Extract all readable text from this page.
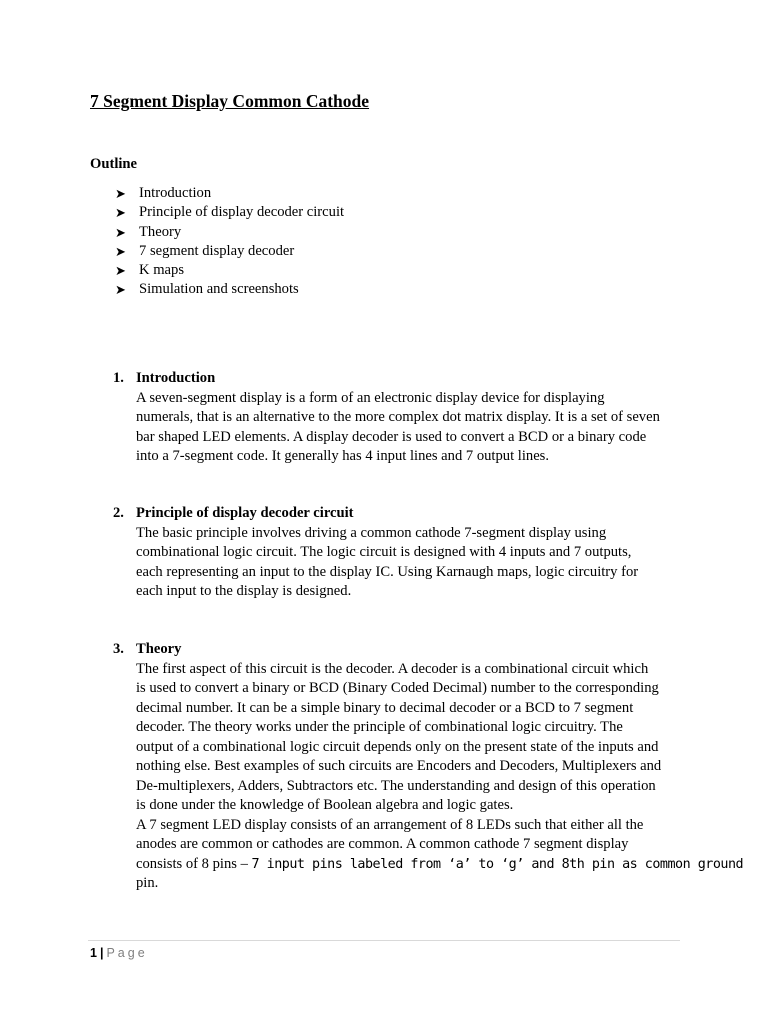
7 Segment Display Common Cathode
Outline
➤ Introduction
➤ Principle of display decoder circuit
➤ Theory
➤ 7 segment display decoder
➤ K maps
➤ Simulation and screenshots
1. Introduction

A seven-segment display is a form of an electronic display device for displaying

numerals, that is an alternative to the more complex dot matrix display. It is a set of seven

bar shaped LED elements. A display decoder is used to convert a BCD or a binary code

into a 7-segment code. It generally has 4 input lines and 7 output lines.

2. Principle of display decoder circuit

The basic principle involves driving a common cathode 7-segment display using

combinational logic circuit. The logic circuit is designed with 4 inputs and 7 outputs,

each representing an input to the display IC. Using Karnaugh maps, logic circuitry for

each input to the display is designed.

3. Theory

The first aspect of this circuit is the decoder. A decoder is a combinational circuit which

is used to convert a binary or BCD (Binary Coded Decimal) number to the corresponding

decimal number. It can be a simple binary to decimal decoder or a BCD to 7 segment

decoder. The theory works under the principle of combinational logic circuitry. The

output of a combinational logic circuit depends only on the present state of the inputs and

nothing else. Best examples of such circuits are Encoders and Decoders, Multiplexers and

De-multiplexers, Adders, Subtractors etc. The understanding and design of this operation

is done under the knowledge of Boolean algebra and logic gates.

A 7 segment LED display consists of an arrangement of 8 LEDs such that either all the

anodes are common or cathodes are common. A common cathode 7 segment display

consists of 8 pins – 7 input pins labeled from ‘a’ to ‘g’ and 8th pin as common ground

pin.

1 | Page
